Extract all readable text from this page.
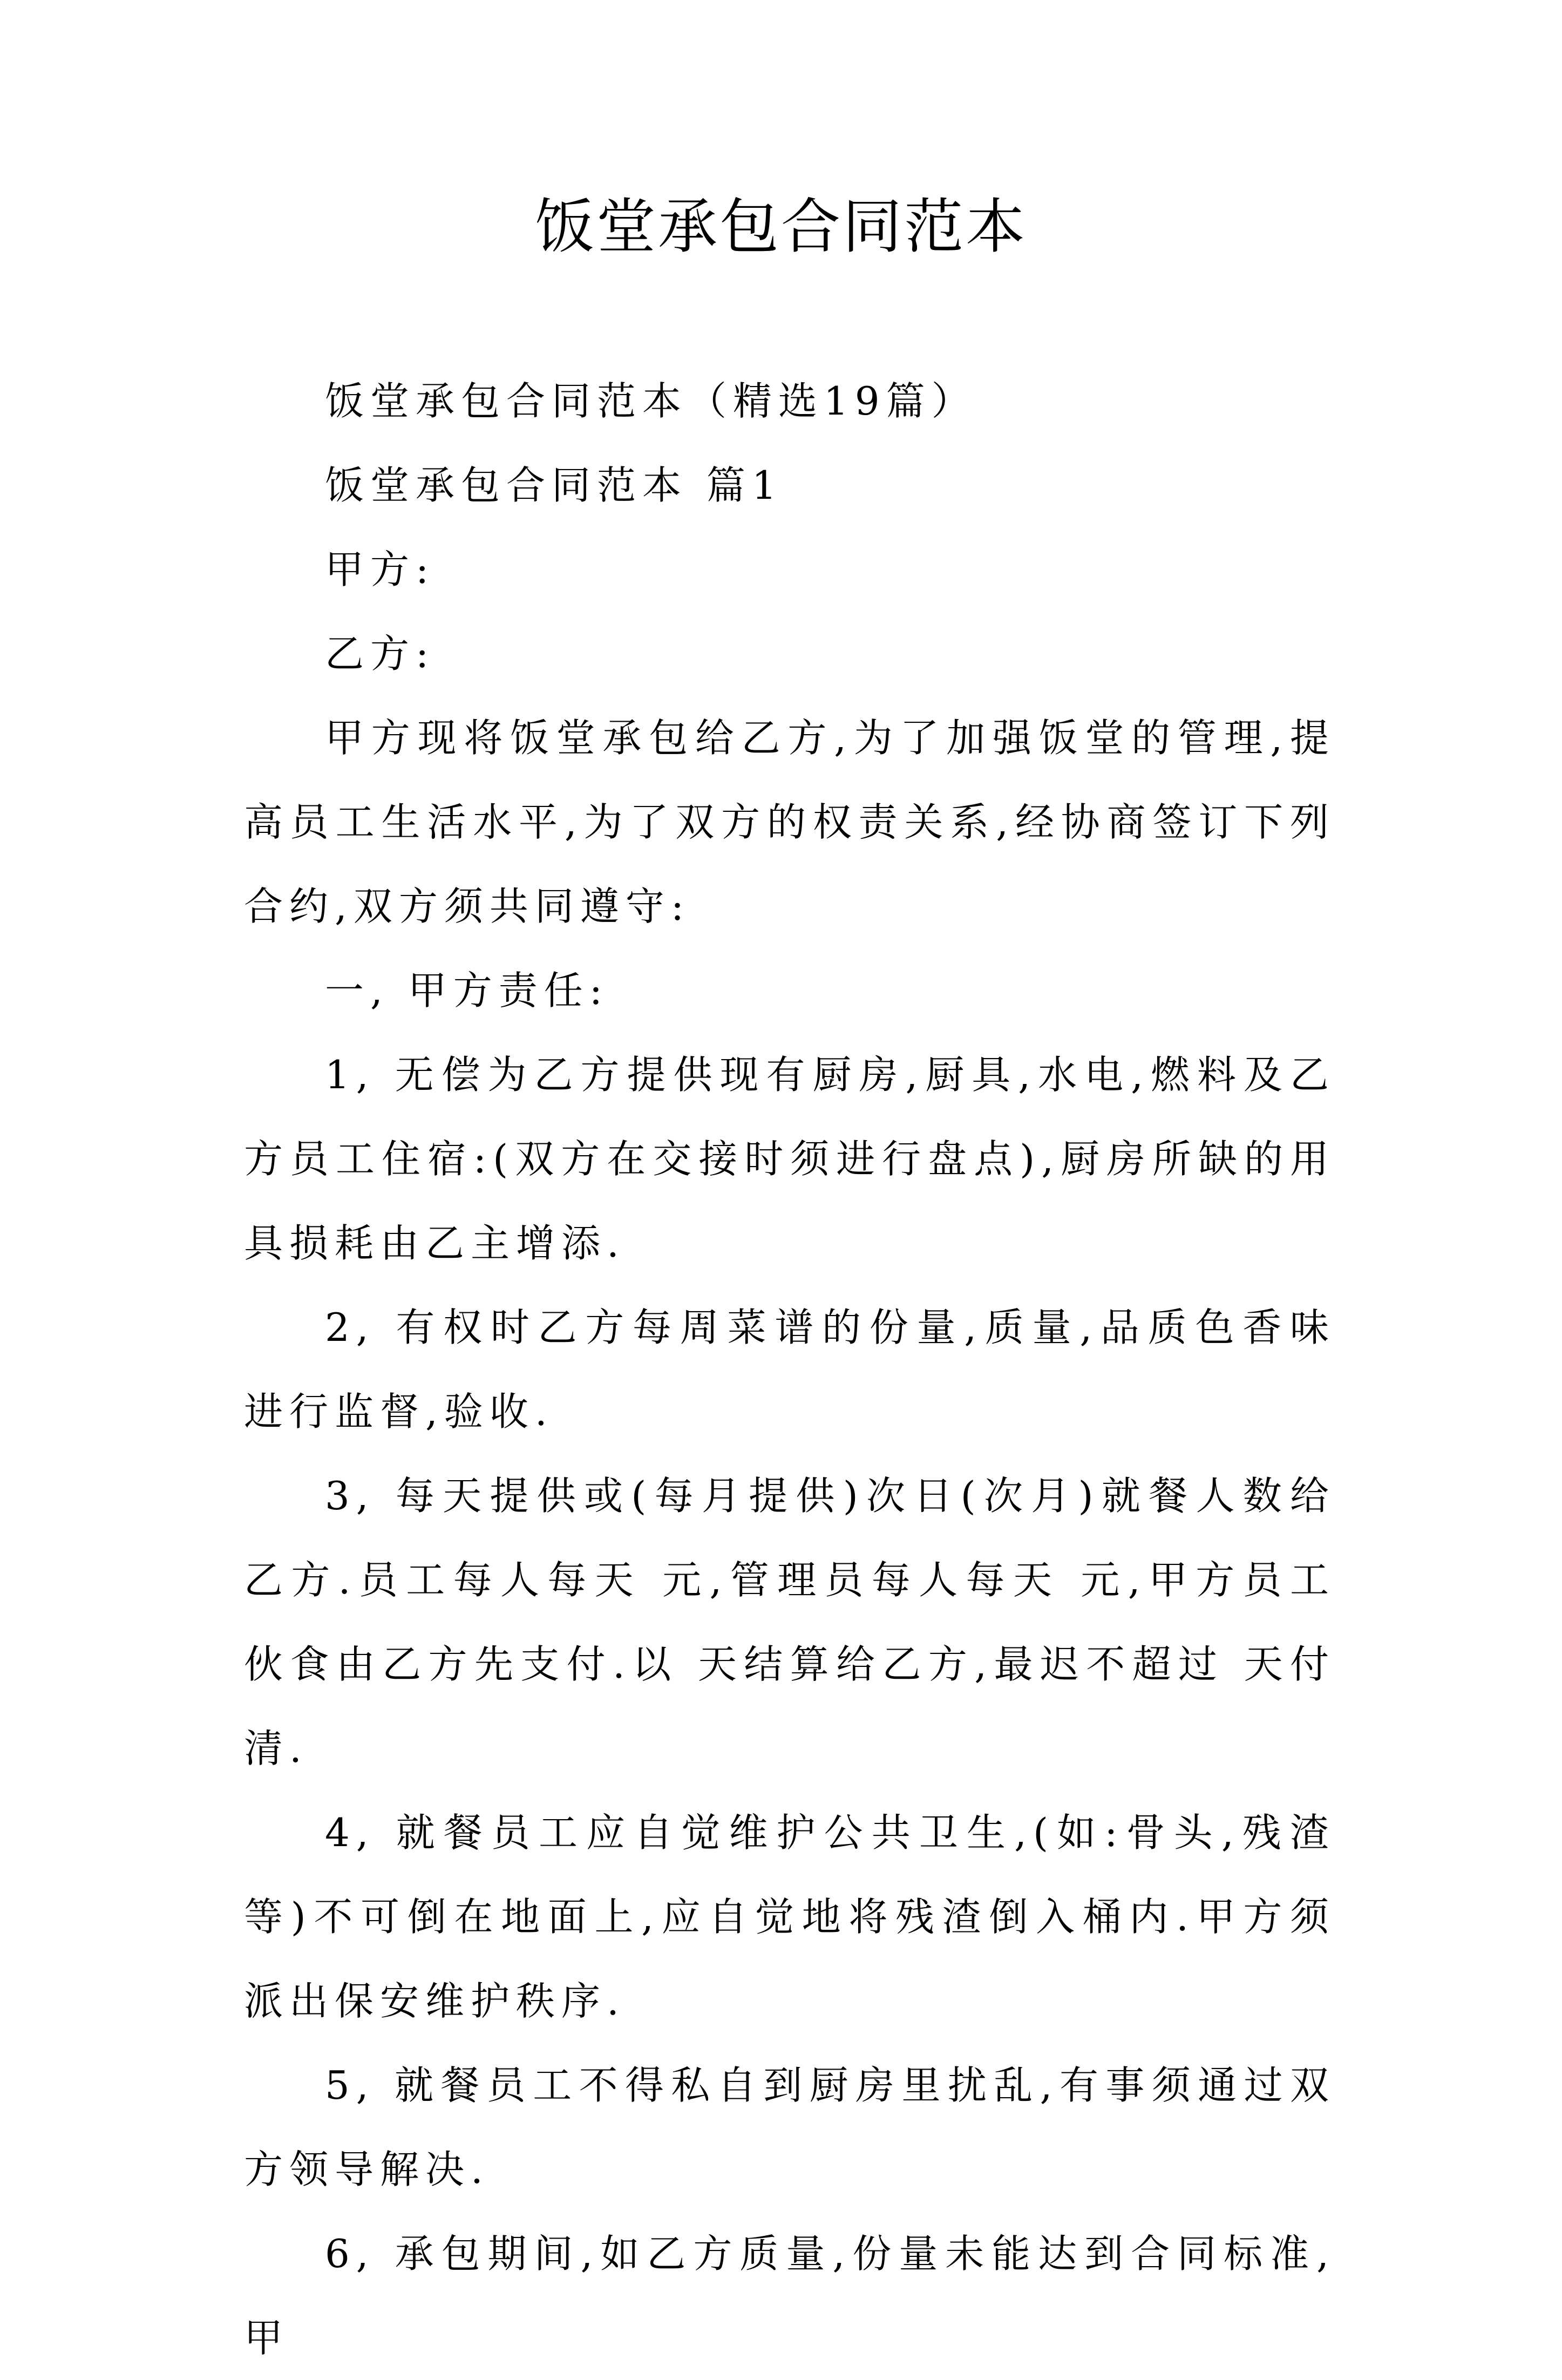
饭堂承包合同范本

饭堂承包合同范本（精选19篇）

饭堂承包合同范本 篇1

甲方:

乙方:

甲方现将饭堂承包给乙方,为了加强饭堂的管理,提高员工生活水平,为了双方的权责关系,经协商签订下列合约,双方须共同遵守:

一, 甲方责任:

1, 无偿为乙方提供现有厨房,厨具,水电,燃料及乙方员工住宿:(双方在交接时须进行盘点),厨房所缺的用具损耗由乙主增添.

2, 有权时乙方每周菜谱的份量,质量,品质色香味进行监督,验收.

3, 每天提供或(每月提供)次日(次月)就餐人数给乙方.员工每人每天 元,管理员每人每天 元,甲方员工伙食由乙方先支付.以 天结算给乙方,最迟不超过 天付清.

4, 就餐员工应自觉维护公共卫生,(如:骨头,残渣等)不可倒在地面上,应自觉地将残渣倒入桶内.甲方须派出保安维护秩序.

5, 就餐员工不得私自到厨房里扰乱,有事须通过双方领导解决.

6, 承包期间,如乙方质量,份量未能达到合同标准,甲
